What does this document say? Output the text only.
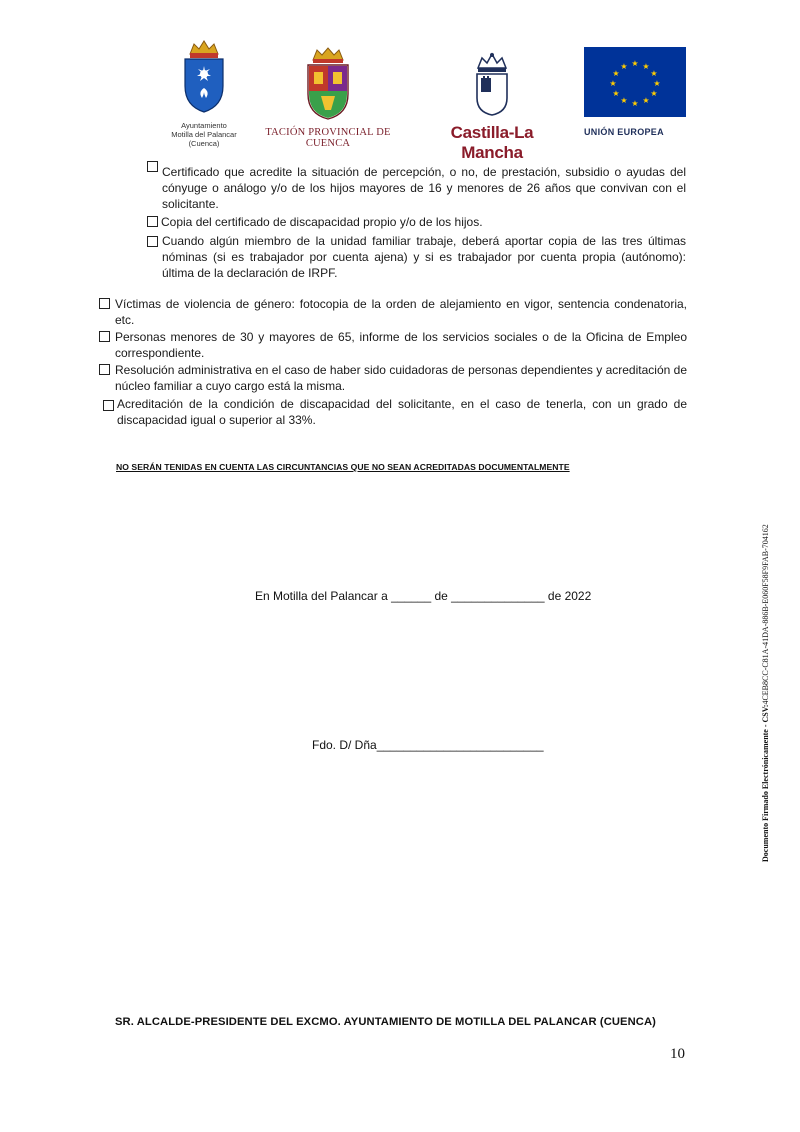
Ayuntamiento
Motilla del Palancar
(Cuenca)
TACIÓN PROVINCIAL DE CUENCA
Castilla-La Mancha
★ ★
★
★
★
★
★
★
★
★
★
★
UNIÓN EUROPEA
Certificado que acredite la situación de percepción, o no, de prestación, subsidio o ayudas del cónyuge o análogo y/o de los hijos mayores de 16 y menores de 26 años que convivan con el solicitante.
Copia del certificado de discapacidad propio y/o de los hijos.
Cuando algún miembro de la unidad familiar trabaje, deberá aportar copia de las tres últimas nóminas (si es trabajador por cuenta ajena) y si es trabajador por cuenta propia (autónomo): última de la declaración de IRPF.
Víctimas de violencia de género: fotocopia de la orden de alejamiento en vigor, sentencia condenatoria, etc.
Personas menores de 30 y mayores de 65, informe de los servicios sociales o de la Oficina de Empleo correspondiente.
Resolución administrativa en el caso de haber sido cuidadoras de personas dependientes y acreditación de núcleo familiar a cuyo cargo está la misma.
Acreditación de la condición de discapacidad del solicitante, en el caso de tenerla, con un grado de discapacidad igual o superior al 33%.
NO SERÁN TENIDAS EN CUENTA LAS CIRCUNTANCIAS QUE NO SEAN ACREDITADAS DOCUMENTALMENTE
En Motilla del Palancar a ______ de ______________ de 2022
Fdo. D/ Dña_________________________
SR. ALCALDE-PRESIDENTE DEL EXCMO. AYUNTAMIENTO DE MOTILLA DEL PALANCAR (CUENCA)
10
Documento Firmado Electrónicamente - CSV:4CEB8CC-C81A-41DA-886B-E060F58F9FAB-704162
